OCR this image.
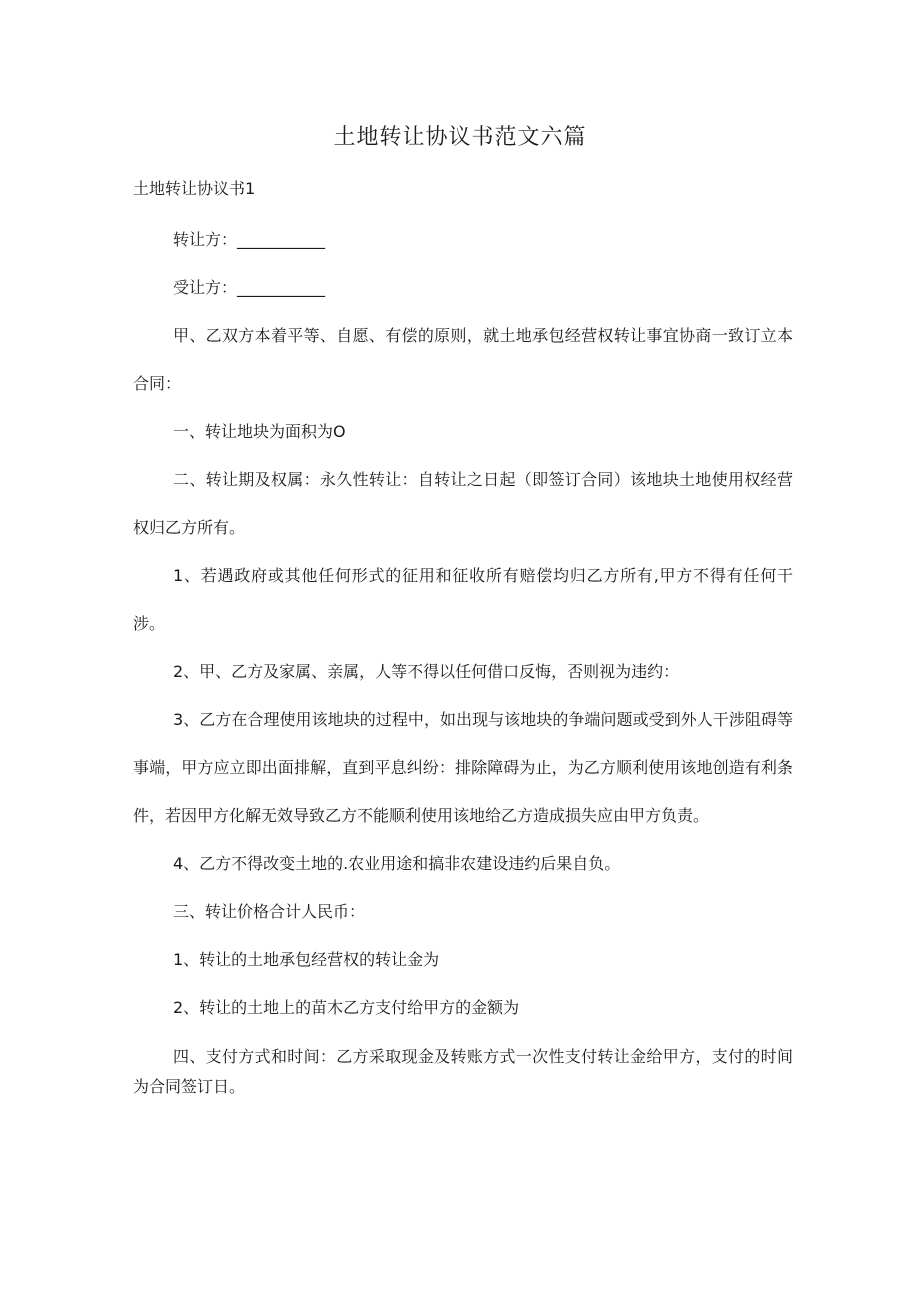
土地转让协议书范文六篇

土地转让协议书1

转让方：___________

受让方：___________

甲、乙双方本着平等、自愿、有偿的原则，就土地承包经营权转让事宜协商一致订立本合同：

一、转让地块为面积为O

二、转让期及权属：永久性转让：自转让之日起（即签订合同）该地块土地使用权经营权归乙方所有。

1、若遇政府或其他任何形式的征用和征收所有赔偿均归乙方所有,甲方不得有任何干涉。

2、甲、乙方及家属、亲属，人等不得以任何借口反悔，否则视为违约：

3、乙方在合理使用该地块的过程中，如出现与该地块的争端问题或受到外人干涉阻碍等事端，甲方应立即出面排解，直到平息纠纷：排除障碍为止，为乙方顺利使用该地创造有利条件，若因甲方化解无效导致乙方不能顺利使用该地给乙方造成损失应由甲方负责。

4、乙方不得改变土地的.农业用途和搞非农建设违约后果自负。

三、转让价格合计人民币：

1、转让的土地承包经营权的转让金为

2、转让的土地上的苗木乙方支付给甲方的金额为

四、支付方式和时间：乙方采取现金及转账方式一次性支付转让金给甲方，支付的时间为合同签订日。
